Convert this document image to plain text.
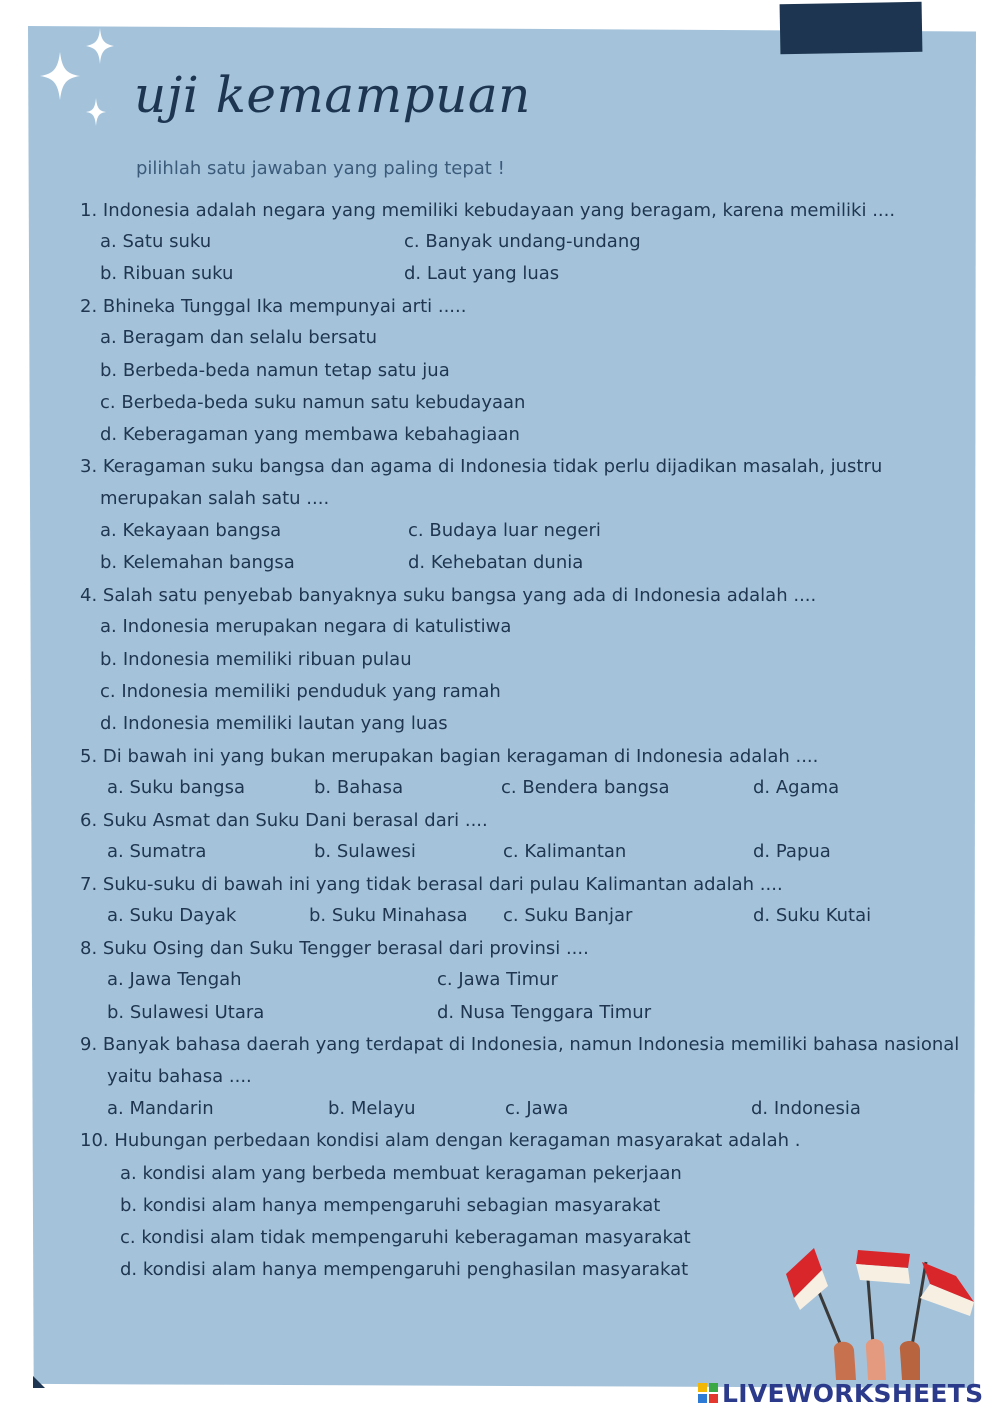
uji kemampuan
pilihlah satu jawaban yang paling tepat !
1. Indonesia adalah negara yang memiliki kebudayaan yang beragam, karena memiliki ....
a. Satu suku	c. Banyak undang-undang
b. Ribuan suku	d. Laut yang luas
2. Bhineka Tunggal Ika mempunyai arti .....
a. Beragam dan selalu bersatu
b. Berbeda-beda namun tetap satu jua
c. Berbeda-beda suku namun satu kebudayaan
d. Keberagaman yang membawa kebahagiaan
3. Keragaman suku bangsa dan agama di Indonesia tidak perlu dijadikan masalah, justru
merupakan salah satu ....
a. Kekayaan bangsa	c. Budaya luar negeri
b. Kelemahan bangsa	d. Kehebatan dunia
4. Salah satu penyebab banyaknya suku bangsa yang ada di Indonesia adalah ....
a. Indonesia merupakan negara di katulistiwa
b. Indonesia memiliki ribuan pulau
c. Indonesia memiliki penduduk yang ramah
d. Indonesia memiliki lautan yang luas
5. Di bawah ini yang bukan merupakan bagian keragaman di Indonesia adalah ....
a. Suku bangsa	b. Bahasa	c. Bendera bangsa	d. Agama
6. Suku Asmat dan Suku Dani berasal dari ....
a. Sumatra	b. Sulawesi	c. Kalimantan	d. Papua
7. Suku-suku di bawah ini yang tidak berasal dari pulau Kalimantan adalah ....
a. Suku Dayak	b. Suku Minahasa c. Suku Banjar	d. Suku Kutai
8. Suku Osing dan Suku Tengger berasal dari provinsi ....
a. Jawa Tengah	c. Jawa Timur
b. Sulawesi Utara	d. Nusa Tenggara Timur
9. Banyak bahasa daerah yang terdapat di Indonesia, namun Indonesia memiliki bahasa nasional
yaitu bahasa ....
a. Mandarin	b. Melayu	c. Jawa	d. Indonesia
10. Hubungan perbedaan kondisi alam dengan keragaman masyarakat adalah .
a. kondisi alam yang berbeda membuat keragaman pekerjaan
b. kondisi alam hanya mempengaruhi sebagian masyarakat
c. kondisi alam tidak mempengaruhi keberagaman masyarakat
d. kondisi alam hanya mempengaruhi penghasilan masyarakat
LIVEWORKSHEETS
